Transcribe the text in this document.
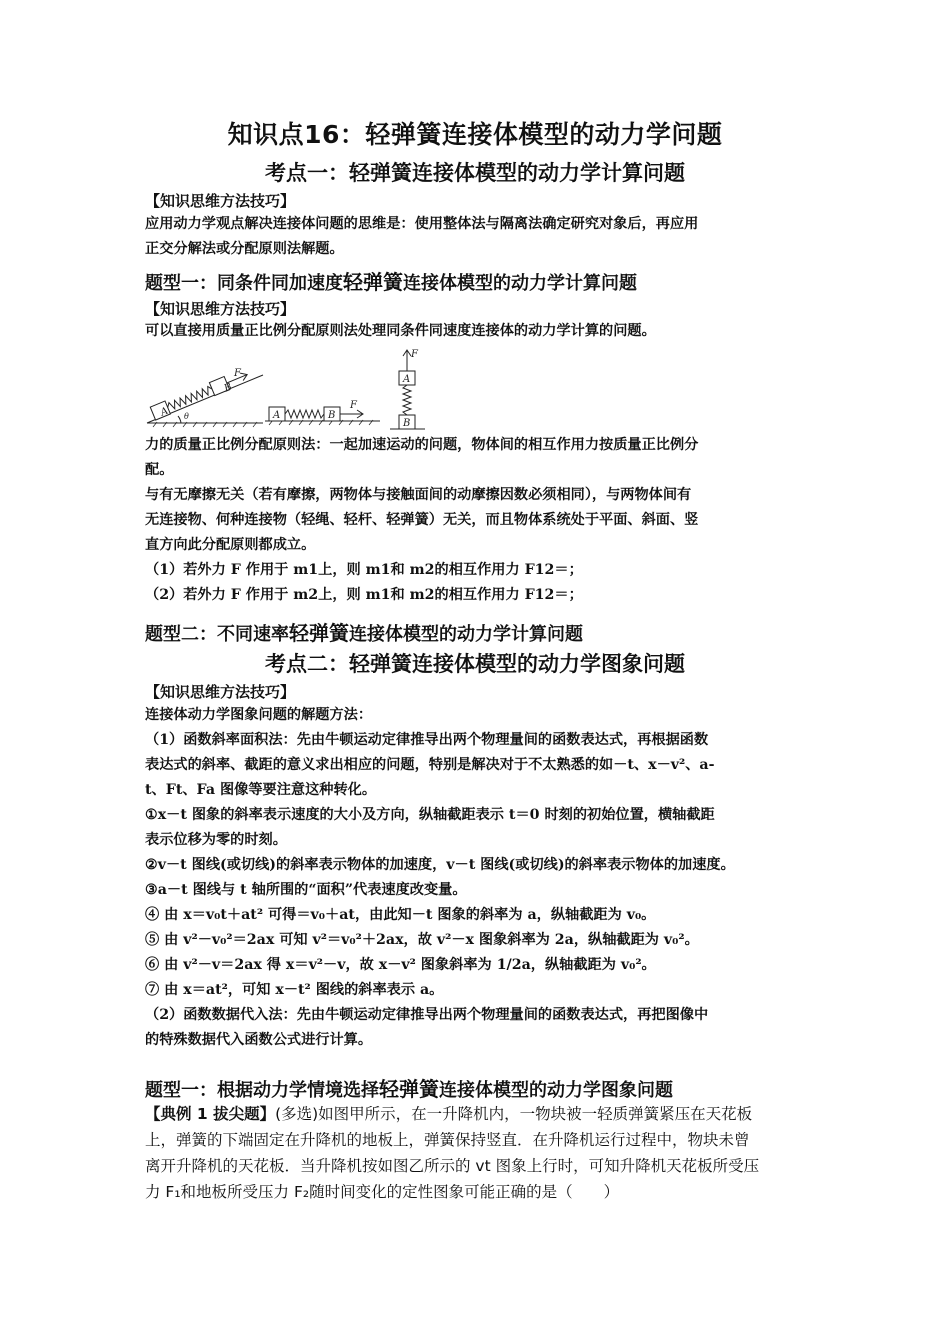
知识点16：轻弹簧连接体模型的动力学问题
考点一：轻弹簧连接体模型的动力学计算问题
【知识思维方法技巧】
应用动力学观点解决连接体问题的思维是：使用整体法与隔离法确定研究对象后，再应用
正交分解法或分配原则法解题。
题型一：同条件同加速度轻弹簧连接体模型的动力学计算问题
【知识思维方法技巧】
可以直接用质量正比例分配原则法处理同条件同速度连接体的动力学计算的问题。
A
B
F
θ	A	B
F
B
A
F
力的质量正比例分配原则法：一起加速运动的问题，物体间的相互作用力按质量正比例分
配。
与有无摩擦无关（若有摩擦，两物体与接触面间的动摩擦因数必须相同），与两物体间有
无连接物、何种连接物（轻绳、轻杆、轻弹簧）无关，而且物体系统处于平面、斜面、竖
直方向此分配原则都成立。
（1）若外力 F 作用于 m1上，则 m1和 m2的相互作用力 F12＝；
（2）若外力 F 作用于 m2上，则 m1和 m2的相互作用力 F12＝；
题型二：不同速率轻弹簧连接体模型的动力学计算问题
考点二：轻弹簧连接体模型的动力学图象问题
【知识思维方法技巧】
连接体动力学图象问题的解题方法：
（1）函数斜率面积法：先由牛顿运动定律推导出两个物理量间的函数表达式，再根据函数
表达式的斜率、截距的意义求出相应的问题，特别是解决对于不太熟悉的如－t、x－v²、a-
t、Ft、Fa 图像等要注意这种转化。
①x－t 图象的斜率表示速度的大小及方向，纵轴截距表示 t＝0 时刻的初始位置，横轴截距
表示位移为零的时刻。
②v－t 图线(或切线)的斜率表示物体的加速度，v－t 图线(或切线)的斜率表示物体的加速度。
③a－t 图线与 t 轴所围的“面积”代表速度改变量。
④ 由 x＝v₀t＋at² 可得＝v₀＋at，由此知－t 图象的斜率为 a，纵轴截距为 v₀。
⑤ 由 v²－v₀²＝2ax 可知 v²＝v₀²＋2ax，故 v²－x 图象斜率为 2a，纵轴截距为 v₀²。
⑥ 由 v²－v＝2ax 得 x＝v²－v，故 x－v² 图象斜率为 1/2a，纵轴截距为 v₀²。
⑦ 由 x＝at²，可知 x－t² 图线的斜率表示 a。
（2）函数数据代入法：先由牛顿运动定律推导出两个物理量间的函数表达式，再把图像中
的特殊数据代入函数公式进行计算。
题型一：根据动力学情境选择轻弹簧连接体模型的动力学图象问题
【典例 1 拔尖题】(多选)如图甲所示，在一升降机内，一物块被一轻质弹簧紧压在天花板
上，弹簧的下端固定在升降机的地板上，弹簧保持竖直．在升降机运行过程中，物块未曾
离开升降机的天花板．当升降机按如图乙所示的 vt 图象上行时，可知升降机天花板所受压
力 F₁和地板所受压力 F₂随时间变化的定性图象可能正确的是（　　）
